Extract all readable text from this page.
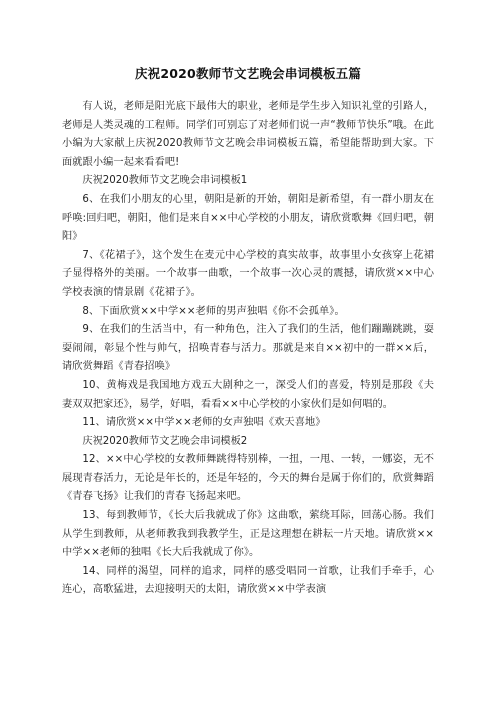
庆祝2020教师节文艺晚会串词模板五篇

有人说，老师是阳光底下最伟大的职业，老师是学生步入知识礼堂的引路人，老师是人类灵魂的工程师。同学们可别忘了对老师们说一声“教师节快乐”哦。在此小编为大家献上庆祝2020教师节文艺晚会串词模板五篇，希望能帮助到大家。下面就跟小编一起来看看吧!

庆祝2020教师节文艺晚会串词模板1

6、在我们小朋友的心里，朝阳是新的开始，朝阳是新希望，有一群小朋友在呼唤:回归吧，朝阳，他们是来自××中心学校的小朋友，请欣赏歌舞《回归吧，朝阳》

7、《花裙子》，这个发生在麦元中心学校的真实故事，故事里小女孩穿上花裙子显得格外的美丽。一个故事一曲歌，一个故事一次心灵的震撼，请欣赏××中心学校表演的情景剧《花裙子》。

8、下面欣赏××中学××老师的男声独唱《你不会孤单》。

9、在我们的生活当中，有一种角色，注入了我们的生活，他们蹦蹦跳跳，耍耍闹闹，彰显个性与帅气，招唤青春与活力。那就是来自××初中的一群××后，请欣赏舞蹈《青春招唤》

10、黄梅戏是我国地方戏五大剧种之一，深受人们的喜爱，特别是那段《夫妻双双把家还》，易学，好唱，看看××中心学校的小家伙们是如何唱的。

11、请欣赏××中学××老师的女声独唱《欢天喜地》

庆祝2020教师节文艺晚会串词模板2

12、××中心学校的女教师舞跳得特别棒，一扭，一甩、一转，一娜姿，无不展现青春活力，无论是年长的，还是年轻的，今天的舞台是属于你们的，欣赏舞蹈《青春飞扬》让我们的青春飞扬起来吧。

13、每到教师节，《长大后我就成了你》这曲歌，萦绕耳际，回荡心肠。我们从学生到教师，从老师教我到我教学生，正是这理想在耕耘一片天地。请欣赏××中学××老师的独唱《长大后我就成了你》。

14、同样的渴望，同样的追求，同样的感受唱同一首歌，让我们手牵手，心连心，高歌猛进，去迎接明天的太阳，请欣赏××中学表演
